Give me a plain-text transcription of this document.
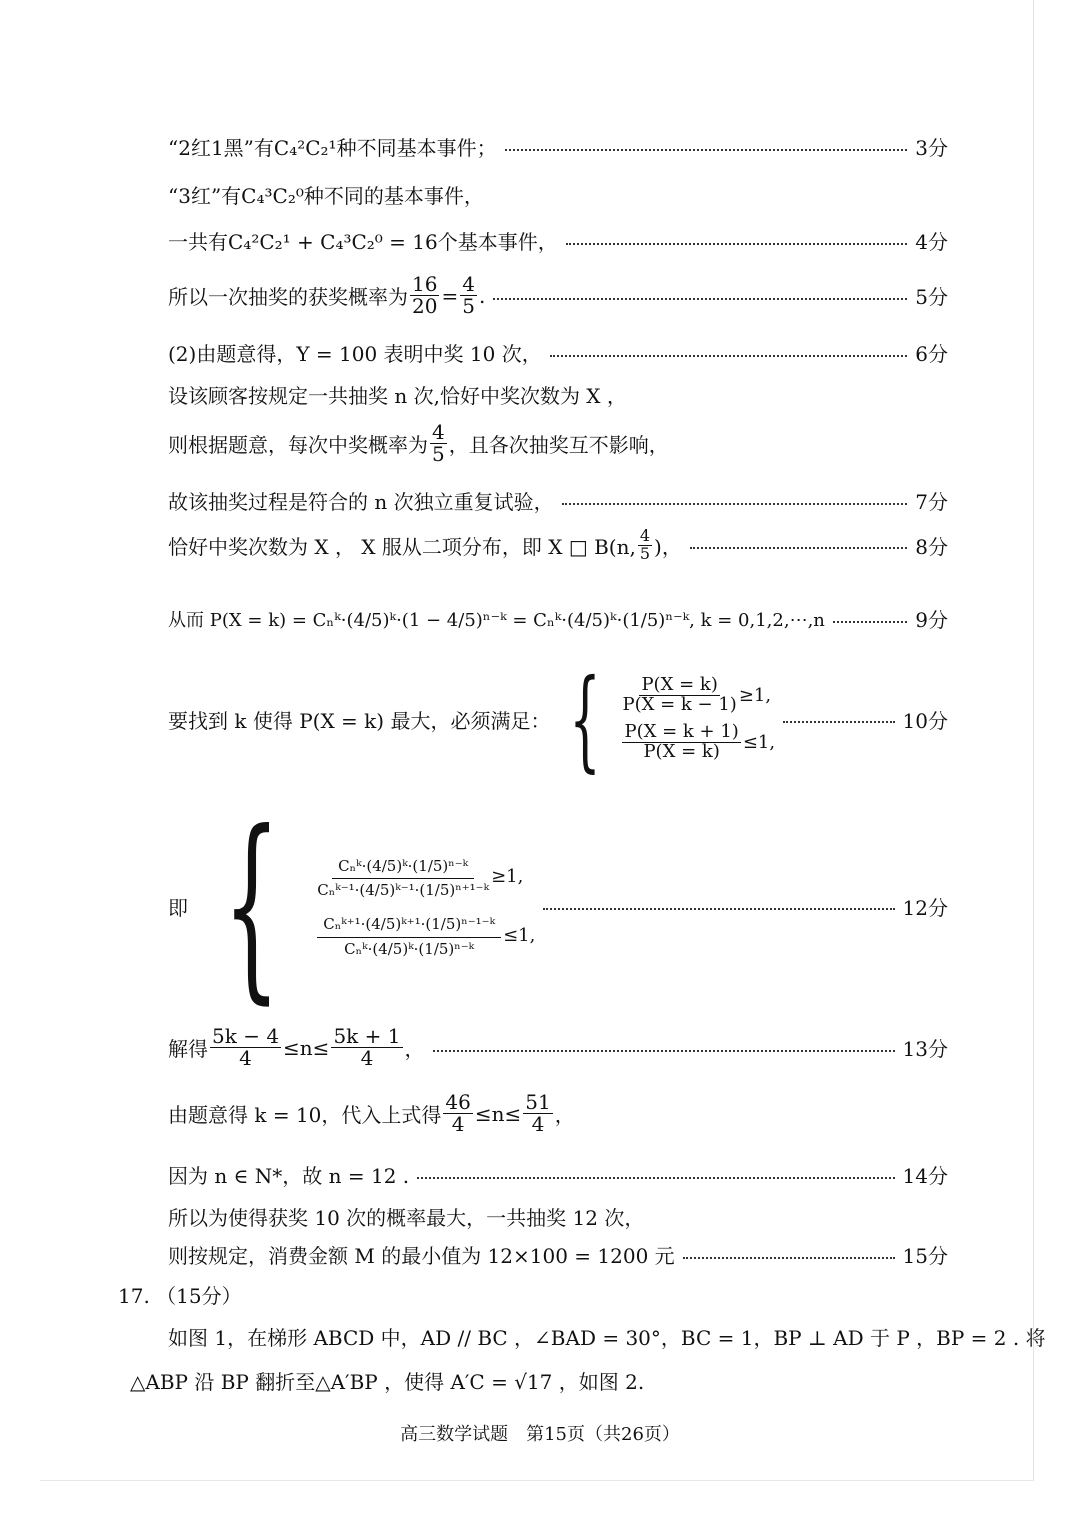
“2红1黑”有C₄²C₂¹种不同基本事件；	3分
“3红”有C₄³C₂⁰种不同的基本事件，
一共有C₄²C₂¹ + C₄³C₂⁰ = 16个基本事件，	4分
所以一次抽奖的获奖概率为 $\frac{16}{20} = \frac{4}{5}$ .	5分
(2)由题意得，Y = 100 表明中奖 10 次，	6分
设该顾客按规定一共抽奖 n 次,恰好中奖次数为 X ，
则根据题意，每次中奖概率为 $\frac{4}{5}$ ，且各次抽奖互不影响，
故该抽奖过程是符合的 n 次独立重复试验，	7分
恰好中奖次数为 X ， X 服从二项分布，即 X □ B(n, $\frac{4}{5}$ )，	8分
从而 P(X = k) = Cₙᵏ·(4/5)ᵏ·(1 − 4/5)ⁿ⁻ᵏ = Cₙᵏ·(4/5)ᵏ·(1/5)ⁿ⁻ᵏ, k = 0,1,2,⋯,n	9分
要找到 k 使得 P(X = k) 最大，必须满足： { $\frac{P(X = k)}{P(X = k - 1)} \ge 1$,
$\frac{P(X = k + 1)}{P(X = k)} \le 1$,
10分
即 { $\frac{\text{Cₙᵏ·(4/5)ᵏ·(1/5)ⁿ⁻ᵏ}}{\text{Cₙᵏ⁻¹·(4/5)ᵏ⁻¹·(1/5)ⁿ⁺¹⁻ᵏ}} \ge 1$,
$\frac{\text{Cₙᵏ⁺¹·(4/5)ᵏ⁺¹·(1/5)ⁿ⁻¹⁻ᵏ}}{\text{Cₙᵏ·(4/5)ᵏ·(1/5)ⁿ⁻ᵏ}} \le 1$,
12分
解得 $\frac{5k - 4}{4} \le n\le \frac{5k + 1}{4}$ ，	13分
由题意得 k = 10，代入上式得 $\frac{46}{4} \le n\le \frac{51}{4}$ ，
因为 n ∈ N*，故 n = 12 .	14分
所以为使得获奖 10 次的概率最大，一共抽奖 12 次，
则按规定，消费金额 M 的最小值为 12×100 = 1200 元	15分
17. （15分）
如图 1，在梯形 ABCD 中，AD // BC ，∠BAD = 30°，BC = 1，BP ⊥ AD 于 P ，BP = 2 . 将
△ABP 沿 BP 翻折至△A′BP ，使得 A′C = √17 ，如图 2.
高三数学试题　第15页（共26页）
